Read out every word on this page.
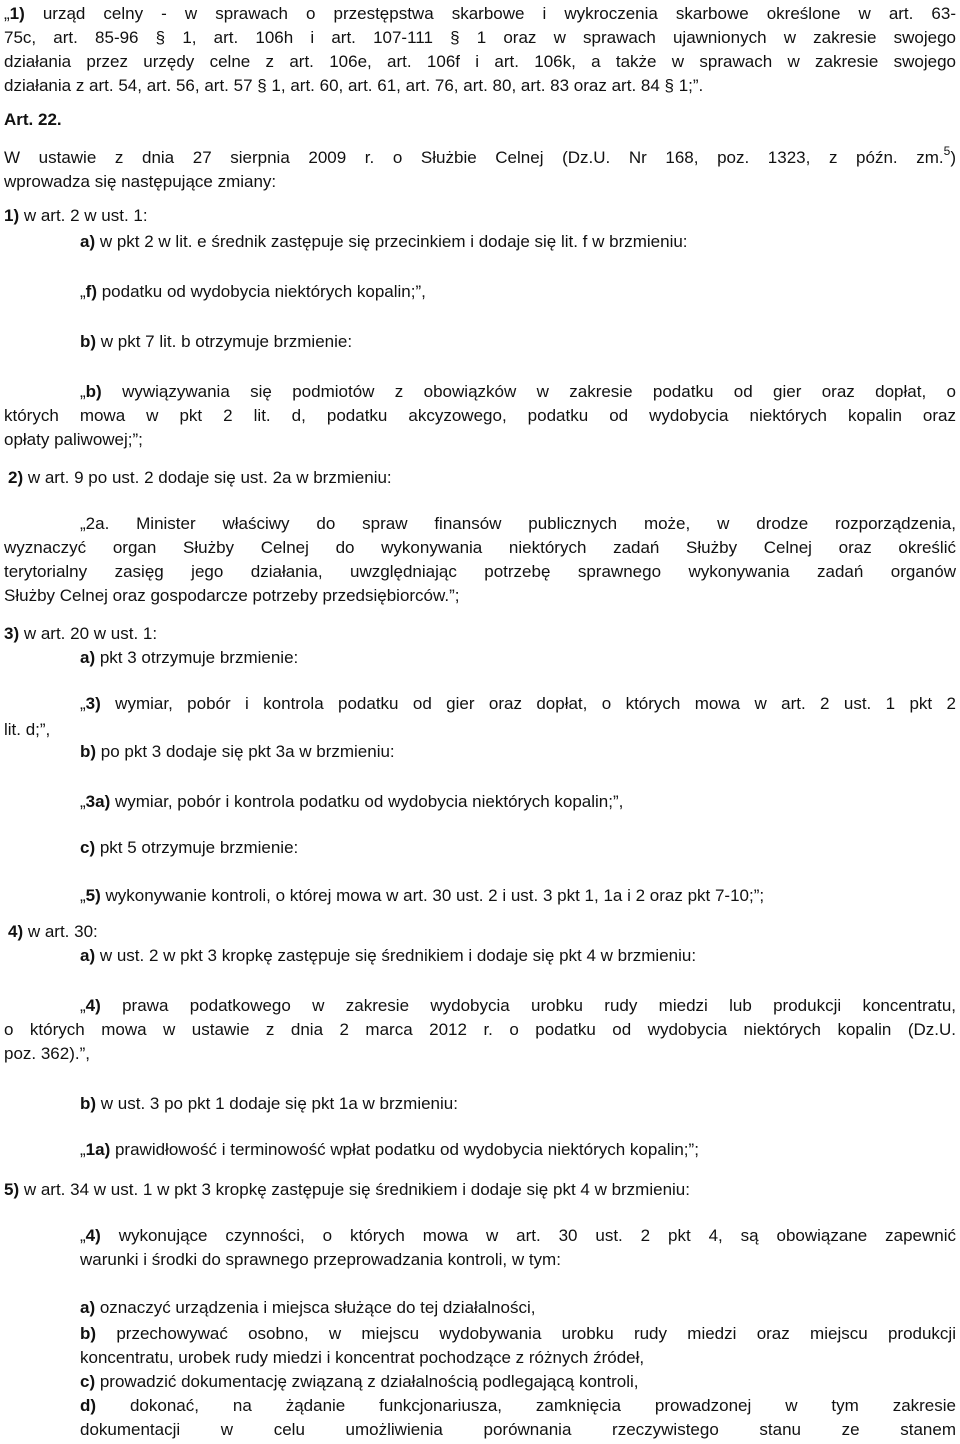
„1) urząd celny - w sprawach o przestępstwa skarbowe i wykroczenia skarbowe określone w art. 63-
75c, art. 85-96 § 1, art. 106h i art. 107-111 § 1 oraz w sprawach ujawnionych w zakresie swojego
działania przez urzędy celne z art. 106e, art. 106f i art. 106k, a także w sprawach w zakresie swojego
działania z art. 54, art. 56, art. 57 § 1, art. 60, art. 61, art. 76, art. 80, art. 83 oraz art. 84 § 1;”.
Art. 22.
W ustawie z dnia 27 sierpnia 2009 r. o Służbie Celnej (Dz.U. Nr 168, poz. 1323, z późn. zm.$^5$)
wprowadza się następujące zmiany:
1) w art. 2 w ust. 1:
a) w pkt 2 w lit. e średnik zastępuje się przecinkiem i dodaje się lit. f w brzmieniu:
„f) podatku od wydobycia niektórych kopalin;”,
b) w pkt 7 lit. b otrzymuje brzmienie:
„b) wywiązywania się podmiotów z obowiązków w zakresie podatku od gier oraz dopłat, o
których mowa w pkt 2 lit. d, podatku akcyzowego, podatku od wydobycia niektórych kopalin oraz
opłaty paliwowej;”;
2) w art. 9 po ust. 2 dodaje się ust. 2a w brzmieniu:
„2a. Minister właściwy do spraw finansów publicznych może, w drodze rozporządzenia,
wyznaczyć organ Służby Celnej do wykonywania niektórych zadań Służby Celnej oraz określić
terytorialny zasięg jego działania, uwzględniając potrzebę sprawnego wykonywania zadań organów
Służby Celnej oraz gospodarcze potrzeby przedsiębiorców.”;
3) w art. 20 w ust. 1:
a) pkt 3 otrzymuje brzmienie:
„3) wymiar, pobór i kontrola podatku od gier oraz dopłat, o których mowa w art. 2 ust. 1 pkt 2
lit. d;”,
b) po pkt 3 dodaje się pkt 3a w brzmieniu:
„3a) wymiar, pobór i kontrola podatku od wydobycia niektórych kopalin;”,
c) pkt 5 otrzymuje brzmienie:
„5) wykonywanie kontroli, o której mowa w art. 30 ust. 2 i ust. 3 pkt 1, 1a i 2 oraz pkt 7-10;”;
4) w art. 30:
a) w ust. 2 w pkt 3 kropkę zastępuje się średnikiem i dodaje się pkt 4 w brzmieniu:
„4) prawa podatkowego w zakresie wydobycia urobku rudy miedzi lub produkcji koncentratu,
o których mowa w ustawie z dnia 2 marca 2012 r. o podatku od wydobycia niektórych kopalin (Dz.U.
poz. 362).”,
b) w ust. 3 po pkt 1 dodaje się pkt 1a w brzmieniu:
„1a) prawidłowość i terminowość wpłat podatku od wydobycia niektórych kopalin;”;
5) w art. 34 w ust. 1 w pkt 3 kropkę zastępuje się średnikiem i dodaje się pkt 4 w brzmieniu:
„4) wykonujące czynności, o których mowa w art. 30 ust. 2 pkt 4, są obowiązane zapewnić
warunki i środki do sprawnego przeprowadzania kontroli, w tym:
a) oznaczyć urządzenia i miejsca służące do tej działalności,
b) przechowywać osobno, w miejscu wydobywania urobku rudy miedzi oraz miejscu produkcji
koncentratu, urobek rudy miedzi i koncentrat pochodzące z różnych źródeł,
c) prowadzić dokumentację związaną z działalnością podlegającą kontroli,
d) dokonać, na żądanie funkcjonariusza, zamknięcia prowadzonej w tym zakresie
dokumentacji w celu umożliwienia porównania rzeczywistego stanu ze stanem
